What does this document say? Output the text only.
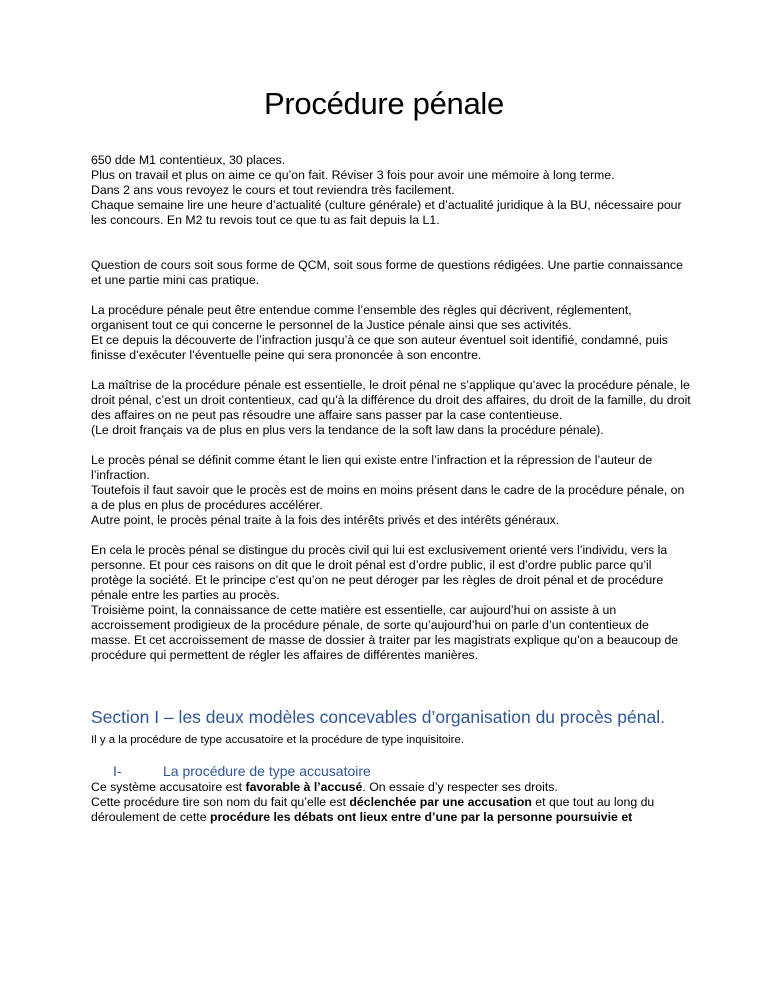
Procédure pénale

650 dde M1 contentieux, 30 places.

Plus on travail et plus on aime ce qu’on fait. Réviser 3 fois pour avoir une mémoire à long terme.

Dans 2 ans vous revoyez le cours et tout reviendra très facilement.

Chaque semaine lire une heure d’actualité (culture générale) et d’actualité juridique à la BU, nécessaire pour les concours. En M2 tu revois tout ce que tu as fait depuis la L1.

Question de cours soit sous forme de QCM, soit sous forme de questions rédigées. Une partie connaissance et une partie mini cas pratique.

La procédure pénale peut être entendue comme l’ensemble des règles qui décrivent, réglementent, organisent tout ce qui concerne le personnel de la Justice pénale ainsi que ses activités.

Et ce depuis la découverte de l’infraction jusqu’à ce que son auteur éventuel soit identifié, condamné, puis finisse d’exécuter l’éventuelle peine qui sera prononcée à son encontre.

La maîtrise de la procédure pénale est essentielle, le droit pénal ne s’applique qu’avec la procédure pénale, le droit pénal, c’est un droit contentieux, cad qu’à la différence du droit des affaires, du droit de la famille, du droit des affaires on ne peut pas résoudre une affaire sans passer par la case contentieuse.

(Le droit français va de plus en plus vers la tendance de la soft law dans la procédure pénale).

Le procès pénal se définit comme étant le lien qui existe entre l’infraction et la répression de l’auteur de l’infraction.

Toutefois il faut savoir que le procès est de moins en moins présent dans le cadre de la procédure pénale, on a de plus en plus de procédures accélérer.

Autre point, le procès pénal traite à la fois des intérêts privés et des intérêts généraux.

En cela le procès pénal se distingue du procès civil qui lui est exclusivement orienté vers l’individu, vers la personne. Et pour ces raisons on dit que le droit pénal est d’ordre public, il est d’ordre public parce qu’il protège la société. Et le principe c’est qu’on ne peut déroger par les règles de droit pénal et de procédure pénale entre les parties au procès.

Troisième point, la connaissance de cette matière est essentielle, car aujourd’hui on assiste à un accroissement prodigieux de la procédure pénale, de sorte qu’aujourd’hui on parle d’un contentieux de masse. Et cet accroissement de masse de dossier à traiter par les magistrats explique qu’on a beaucoup de procédure qui permettent de régler les affaires de différentes manières.

Section I – les deux modèles concevables d’organisation du procès pénal.

Il y a la procédure de type accusatoire et la procédure de type inquisitoire.

I-	La procédure de type accusatoire

Ce système accusatoire est favorable à l’accusé. On essaie d’y respecter ses droits.

Cette procédure tire son nom du fait qu’elle est déclenchée par une accusation et que tout au long du déroulement de cette procédure les débats ont lieux entre d’une par la personne poursuivie et
